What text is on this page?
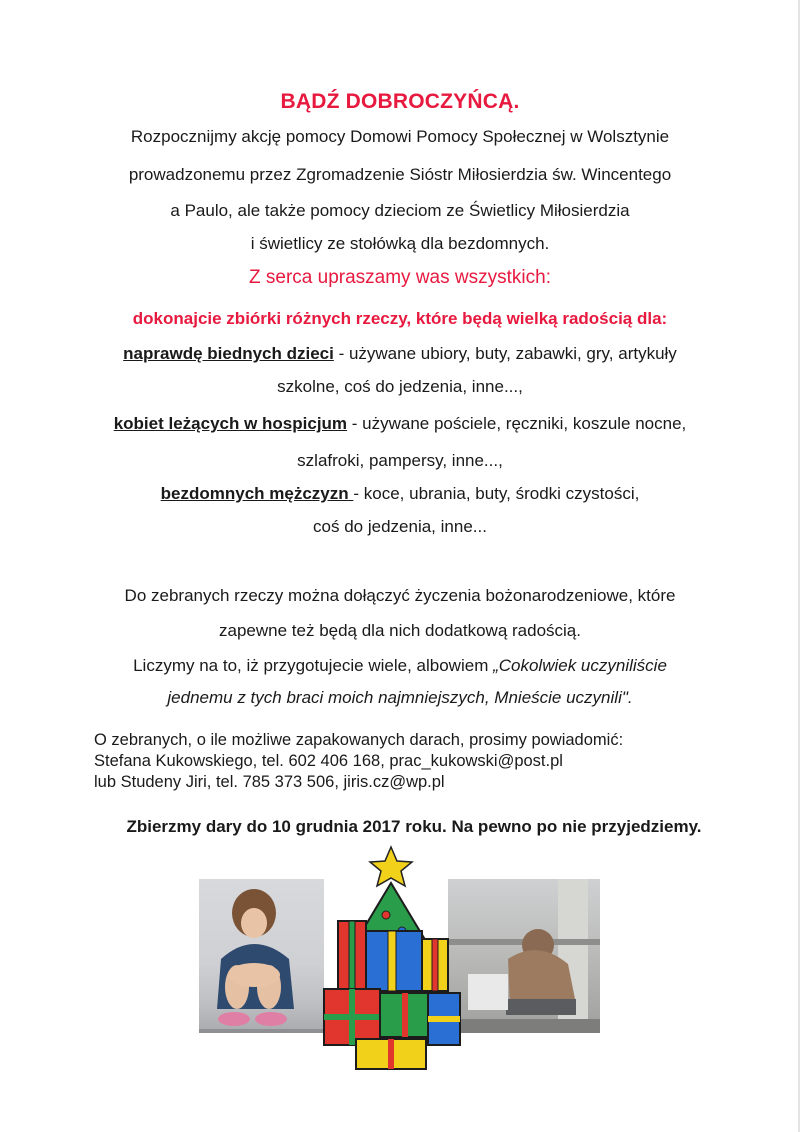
BĄDŹ DOBROCZYŃCĄ.
Rozpocznijmy akcję pomocy Domowi Pomocy Społecznej w Wolsztynie
prowadzonemu przez Zgromadzenie Sióstr Miłosierdzia św. Wincentego
a Paulo, ale także pomocy dzieciom ze Świetlicy Miłosierdzia
i świetlicy ze stołówką dla bezdomnych.
Z serca upraszamy was wszystkich:
dokonajcie zbiórki różnych rzeczy, które będą wielką radością dla:
naprawdę biednych dzieci - używane ubiory, buty, zabawki, gry, artykuły
szkolne, coś do jedzenia, inne...,
kobiet leżących w hospicjum - używane pościele, ręczniki, koszule nocne,
szlafroki, pampersy, inne...,
bezdomnych mężczyzn - koce, ubrania, buty, środki czystości,
coś do jedzenia, inne...
Do zebranych rzeczy można dołączyć życzenia bożonarodzeniowe, które
zapewne też będą dla nich dodatkową radością.
Liczymy na to, iż przygotujecie wiele, albowiem „Cokolwiek uczyniliście
jednemu z tych braci moich najmniejszych, Mnieście uczynili".
O zebranych, o ile możliwe zapakowanych darach, prosimy powiadomić:
Stefana Kukowskiego, tel. 602 406 168, prac_kukowski@post.pl
lub Studeny Jiri, tel. 785 373 506, jiris.cz@wp.pl
Zbierzmy dary do 10 grudnia 2017 roku. Na pewno po nie przyjedziemy.
